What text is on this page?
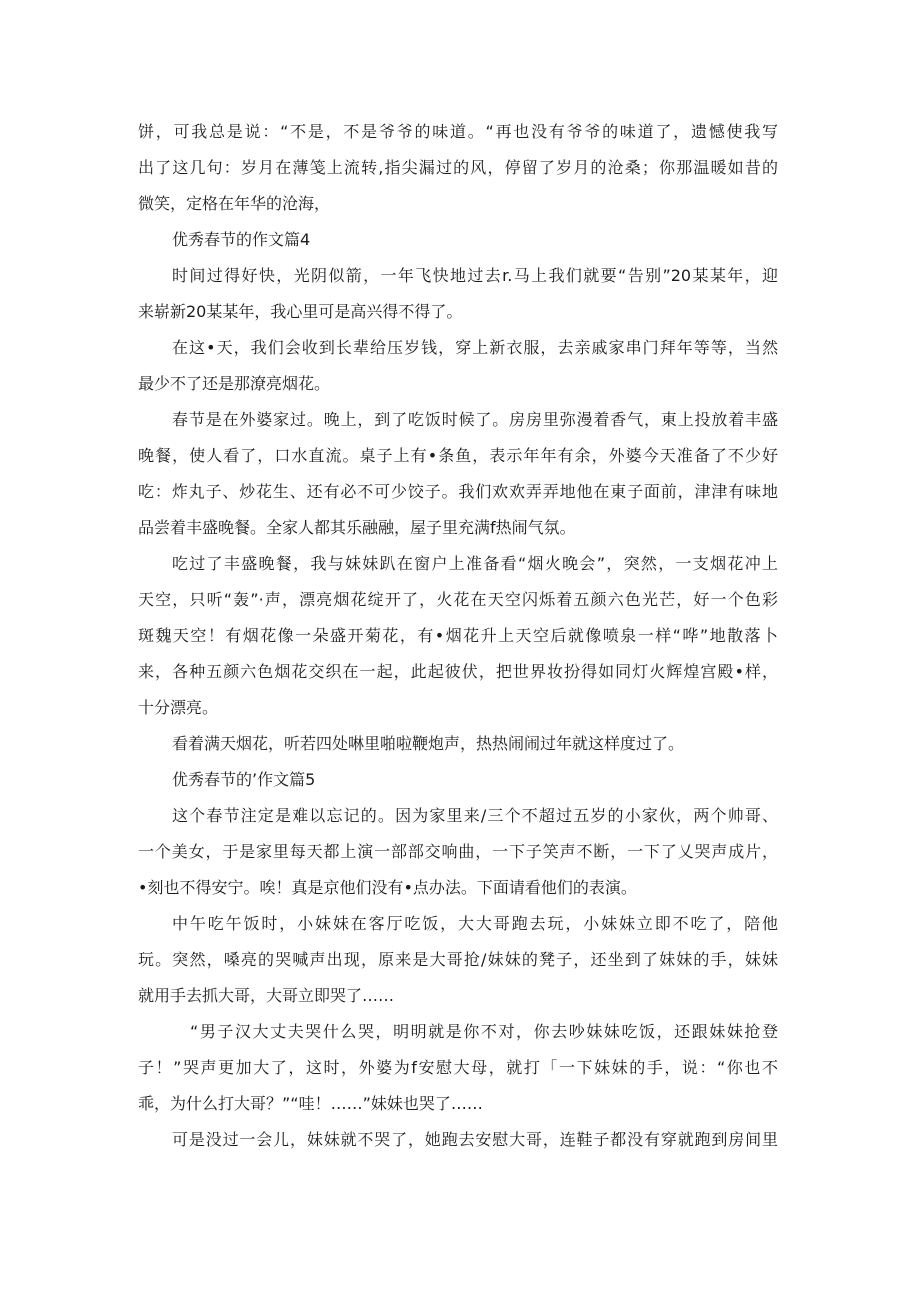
饼，可我总是说：“不是，不是爷爷的味道。“再也没有爷爷的味道了，遗憾使我写
出了这几句：岁月在薄笺上流转,指尖漏过的风，停留了岁月的沧桑；你那温暖如昔的
微笑，定格在年华的沧海，
优秀春节的作文篇4
时间过得好快，光阴似箭，一年飞快地过去r.马上我们就要“告别”20某某年，迎
来崭新20某某年，我心里可是高兴得不得了。
在这•天，我们会收到长辈给压岁钱，穿上新衣服，去亲戚家串门拜年等等，当然
最少不了还是那潦亮烟花。
春节是在外婆家过。晚上，到了吃饭时候了。房房里弥漫着香气，東上投放着丰盛
晚餐，使人看了，口水直流。桌子上有•条鱼，表示年年有余，外婆今天准备了不少好
吃：炸丸子、炒花生、还有必不可少饺子。我们欢欢弄弄地他在東子面前，津津有味地
品尝着丰盛晚餐。全家人都其乐融融，屋子里充满f热闹气氛。
吃过了丰盛晚餐，我与妹妹趴在窗户上准备看“烟火晚会”，突然，一支烟花冲上
天空，只听“轰”·声，漂亮烟花绽开了，火花在天空闪烁着五颜六色光芒，好一个色彩
斑魏天空！有烟花像一朵盛开菊花，有•烟花升上天空后就像喷泉一样“哗”地散落卜
来，各种五颜六色烟花交织在一起，此起彼伏，把世界妆扮得如同灯火辉煌宫殿•样，
十分漂亮。
看着满天烟花，听若四处啉里啪啦鞭炮声，热热闹闹过年就这样度过了。
优秀春节的’作文篇5
这个春节注定是难以忘记的。因为家里来/三个不超过五岁的小家伙，两个帅哥、
一个美女，于是家里每天都上演一部部交响曲，一下子笑声不断，一下了乂哭声成片，
•刻也不得安宁。唉！真是京他们没有•点办法。下面请看他们的表演。
中午吃午饭时，小妹妹在客厅吃饭，大大哥跑去玩，小妹妹立即不吃了，陪他
玩。突然，嗓亮的哭喊声出现，原来是大哥抢/妹妹的凳子，还坐到了妹妹的手，妹妹
就用手去抓大哥，大哥立即哭了……
“男子汉大丈夫哭什么哭，明明就是你不对，你去吵妹妹吃饭，还跟妹妹抢登
子！”哭声更加大了，这时，外婆为f安慰大母，就打「一下妹妹的手，说：“你也不
乖，为什么打大哥？”“哇！……”妹妹也哭了……
可是没过一会儿，妹妹就不哭了，她跑去安慰大哥，连鞋子都没有穿就跑到房间里
